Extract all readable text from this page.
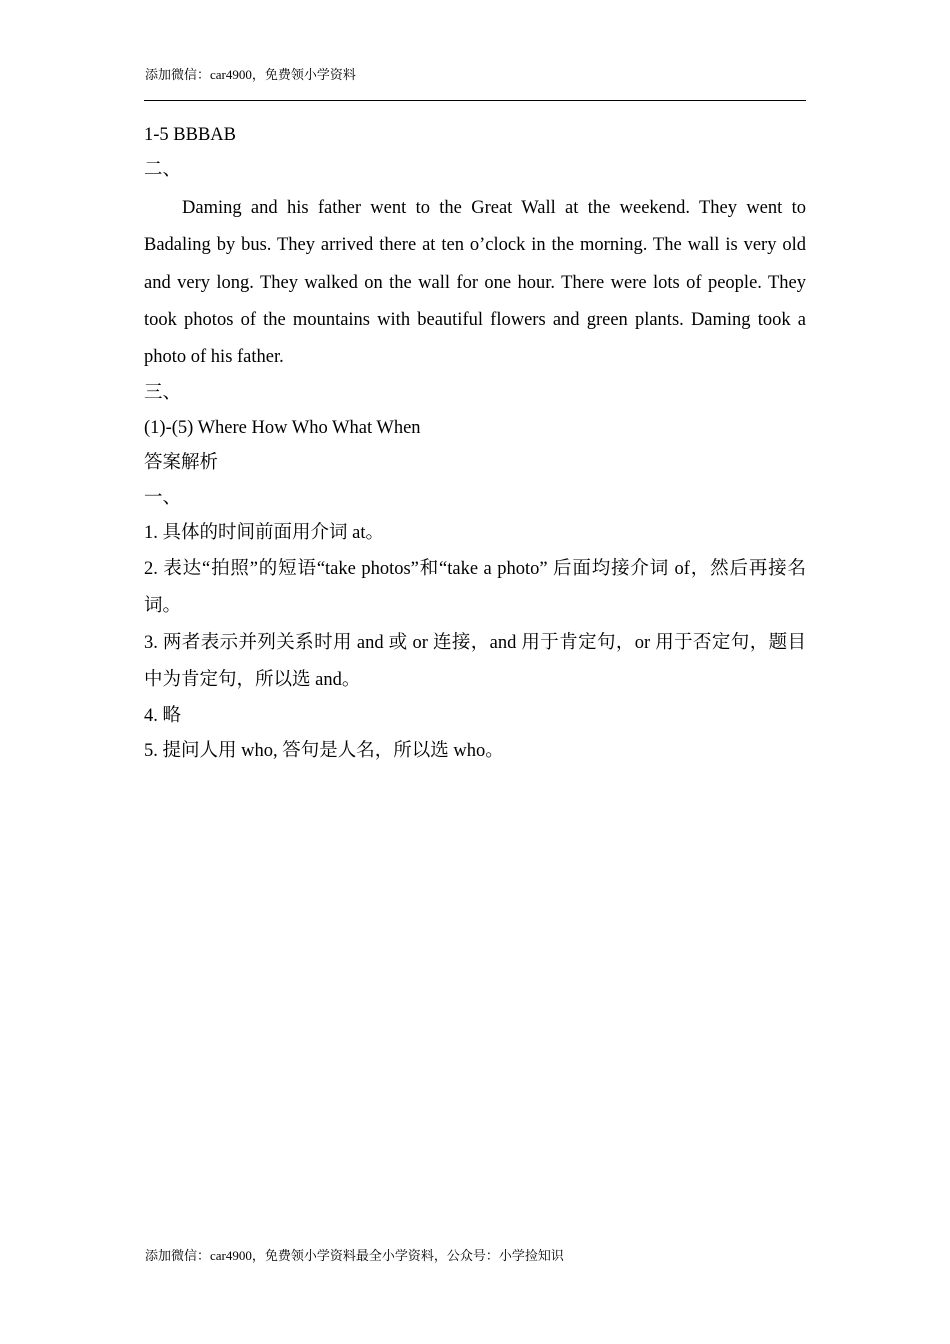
添加微信：car4900，免费领小学资料
1-5 BBBAB
二、

Daming and his father went to the Great Wall at the weekend. They went to Badaling by bus. They arrived there at ten o’clock in the morning. The wall is very old and very long. They walked on the wall for one hour. There were lots of people. They took photos of the mountains with beautiful flowers and green plants. Daming took a photo of his father.

三、
(1)-(5) Where How Who What When
答案解析
一、
1. 具体的时间前面用介词 at。
2. 表达“拍照”的短语“take photos”和“take a photo” 后面均接介词 of，然后再接名词。
3. 两者表示并列关系时用 and 或 or 连接，and 用于肯定句，or 用于否定句，题目中为肯定句，所以选 and。
4. 略
5. 提问人用 who, 答句是人名，所以选 who。
添加微信：car4900，免费领小学资料最全小学资料，公众号：小学捡知识
